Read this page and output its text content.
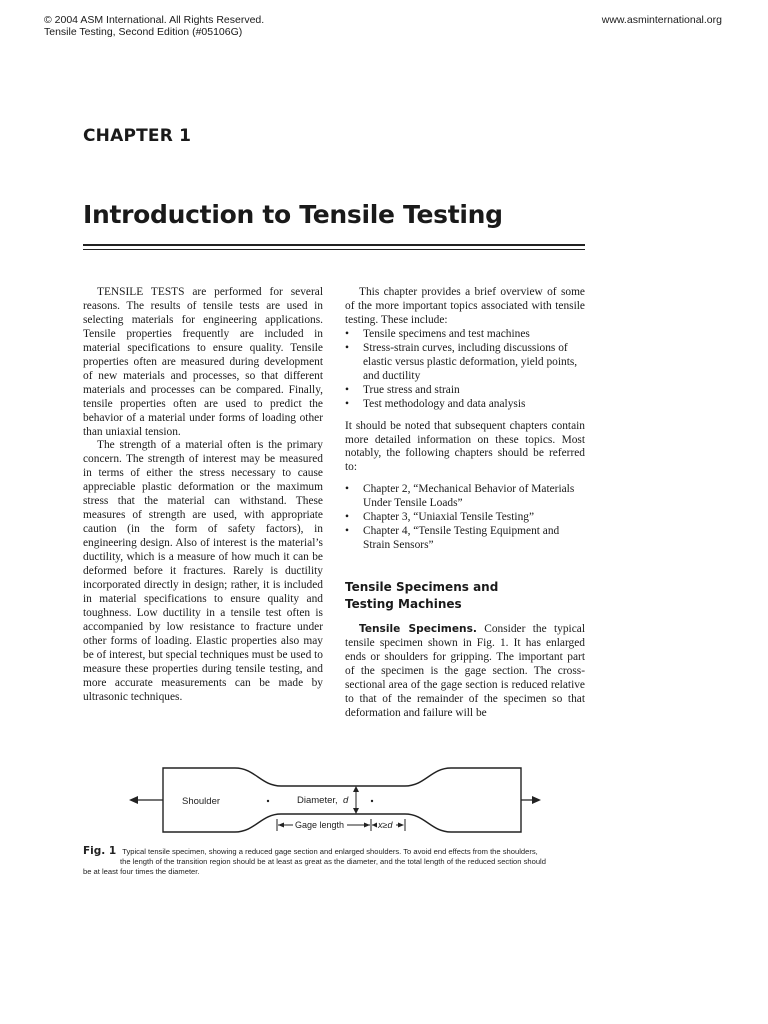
© 2004 ASM International. All Rights Reserved.
Tensile Testing, Second Edition (#05106G)
www.asminternational.org
CHAPTER 1
Introduction to Tensile Testing

TENSILE TESTS are performed for several reasons. The results of tensile tests are used in selecting materials for engineering applications. Tensile properties frequently are included in material specifications to ensure quality. Tensile properties often are measured during development of new materials and processes, so that different materials and processes can be compared. Finally, tensile properties often are used to predict the behavior of a material under forms of loading other than uniaxial tension.

The strength of a material often is the primary concern. The strength of interest may be measured in terms of either the stress necessary to cause appreciable plastic deformation or the maximum stress that the material can withstand. These measures of strength are used, with appropriate caution (in the form of safety factors), in engineering design. Also of interest is the material’s ductility, which is a measure of how much it can be deformed before it fractures. Rarely is ductility incorporated directly in design; rather, it is included in material specifications to ensure quality and toughness. Low ductility in a tensile test often is accompanied by low resistance to fracture under other forms of loading. Elastic properties also may be of interest, but special techniques must be used to measure these properties during tensile testing, and more accurate measurements can be made by ultrasonic techniques.

This chapter provides a brief overview of some of the more important topics associated with tensile testing. These include:

• Tensile specimens and test machines
• Stress-strain curves, including discussions of elastic versus plastic deformation, yield points, and ductility
• True stress and strain
• Test methodology and data analysis

It should be noted that subsequent chapters contain more detailed information on these topics. Most notably, the following chapters should be referred to:

• Chapter 2, “Mechanical Behavior of Materials Under Tensile Loads”
• Chapter 3, “Uniaxial Tensile Testing”
• Chapter 4, “Tensile Testing Equipment and Strain Sensors”

Tensile Specimens and
Testing Machines

Tensile Specimens. Consider the typical tensile specimen shown in Fig. 1. It has enlarged ends or shoulders for gripping. The important part of the specimen is the gage section. The cross-sectional area of the gage section is reduced relative to that of the remainder of the specimen so that deformation and failure will be

Shoulder	Diameter, d
Gage length	x≥d
Fig. 1 Typical tensile specimen, showing a reduced gage section and enlarged shoulders. To avoid end effects from the shoulders,
the length of the transition region should be at least as great as the diameter, and the total length of the reduced section should
be at least four times the diameter.
